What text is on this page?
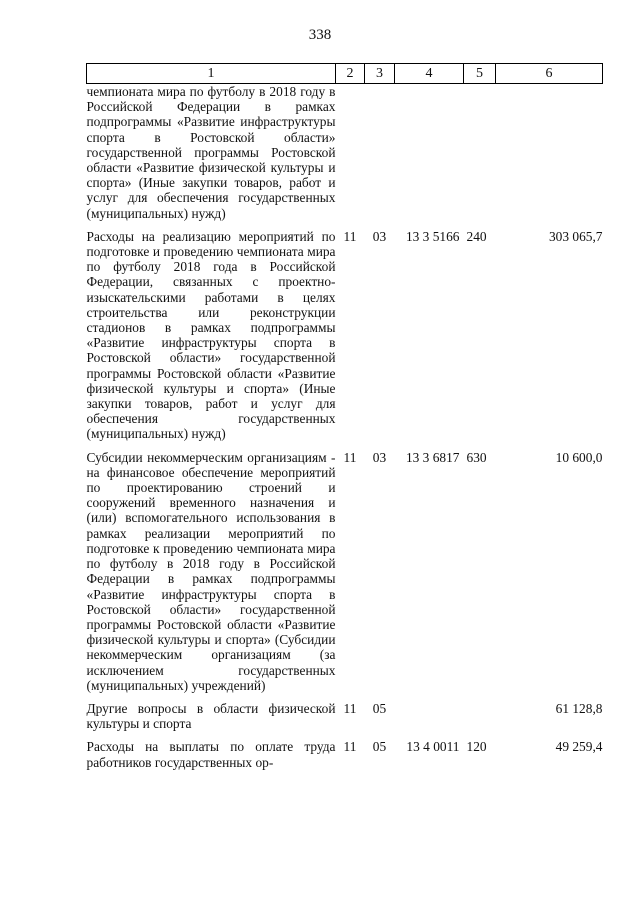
338
1	2	3	4	5	6
чемпионата мира по футболу в 2018 году в Российской Федерации в рамках подпрограммы «Развитие инфраструктуры спорта в Ростовской области» государственной программы Ростовской области «Развитие физической культуры и спорта» (Иные закупки товаров, работ и услуг для обеспечения государственных (муниципальных) нужд)					
Расходы на реализацию мероприятий по подготовке и проведению чемпионата мира по футболу 2018 года в Российской Федерации, связанных с проектно-изыскательскими работами в целях строительства или реконструкции стадионов в рамках подпрограммы «Развитие инфраструктуры спорта в Ростовской области» государственной программы Ростовской области «Развитие физической культуры и спорта» (Иные закупки товаров, работ и услуг для обеспечения государственных (муниципальных) нужд)	11	03	13 3 5166	240	303 065,7
Субсидии некоммерческим организациям - на финансовое обеспечение мероприятий по проектированию строений и сооружений временного назначения и (или) вспомогательного использования в рамках реализации мероприятий по подготовке к проведению чемпионата мира по футболу в 2018 году в Российской Федерации в рамках подпрограммы «Развитие инфраструктуры спорта в Ростовской области» государственной программы Ростовской области «Развитие физической культуры и спорта» (Субсидии некоммерческим организациям (за исключением государственных (муниципальных) учреждений)	11	03	13 3 6817	630	10 600,0
Другие вопросы в области физической культуры и спорта	11	05			61 128,8
Расходы на выплаты по оплате труда работников государственных ор-	11	05	13 4 0011	120	49 259,4
